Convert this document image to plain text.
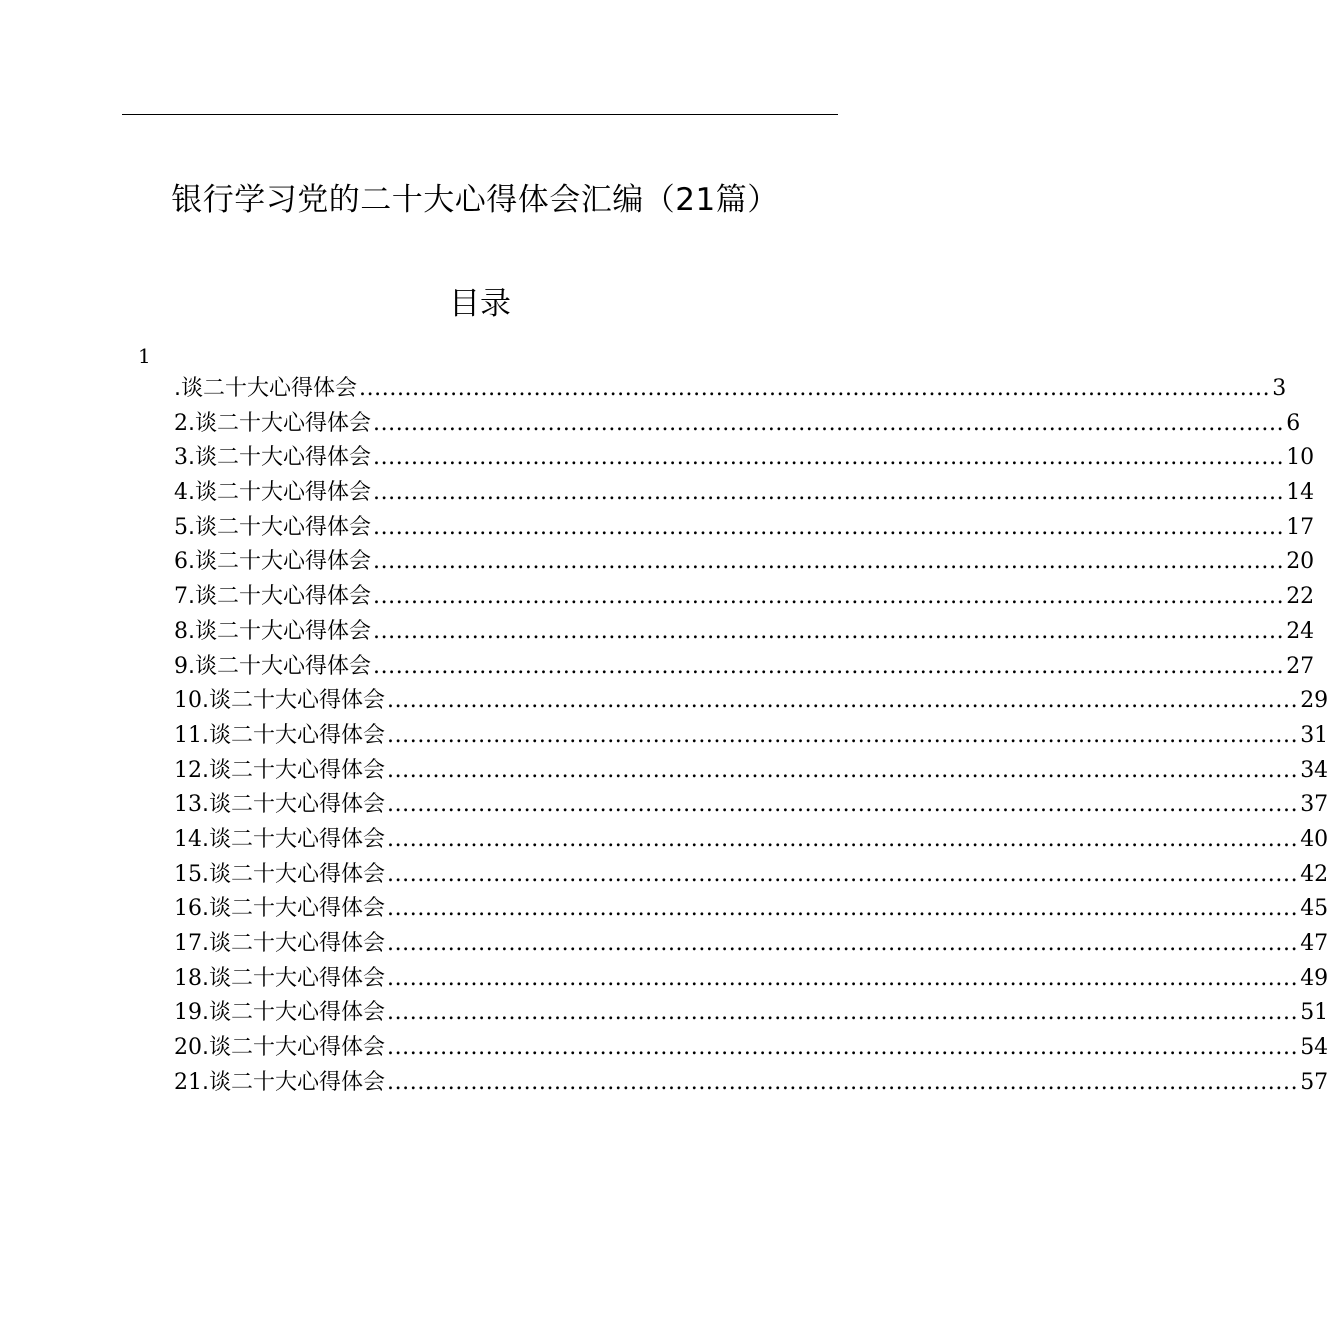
银行学习党的二十大心得体会汇编（21篇）
目录
1
.谈二十大心得体会 ........................................................................................................................ 3
2.谈二十大心得体会 ........................................................................................................................ 6
3.谈二十大心得体会 ........................................................................................................................ 10
4.谈二十大心得体会 ........................................................................................................................ 14
5.谈二十大心得体会 ........................................................................................................................ 17
6.谈二十大心得体会 ........................................................................................................................ 20
7.谈二十大心得体会 ........................................................................................................................ 22
8.谈二十大心得体会 ........................................................................................................................ 24
9.谈二十大心得体会 ........................................................................................................................ 27
10.谈二十大心得体会 ........................................................................................................................ 29
11.谈二十大心得体会 ........................................................................................................................ 31
12.谈二十大心得体会 ........................................................................................................................ 34
13.谈二十大心得体会 ........................................................................................................................ 37
14.谈二十大心得体会 ........................................................................................................................ 40
15.谈二十大心得体会 ........................................................................................................................ 42
16.谈二十大心得体会 ........................................................................................................................ 45
17.谈二十大心得体会 ........................................................................................................................ 47
18.谈二十大心得体会 ........................................................................................................................ 49
19.谈二十大心得体会 ........................................................................................................................ 51
20.谈二十大心得体会 ........................................................................................................................ 54
21.谈二十大心得体会 ........................................................................................................................ 57
